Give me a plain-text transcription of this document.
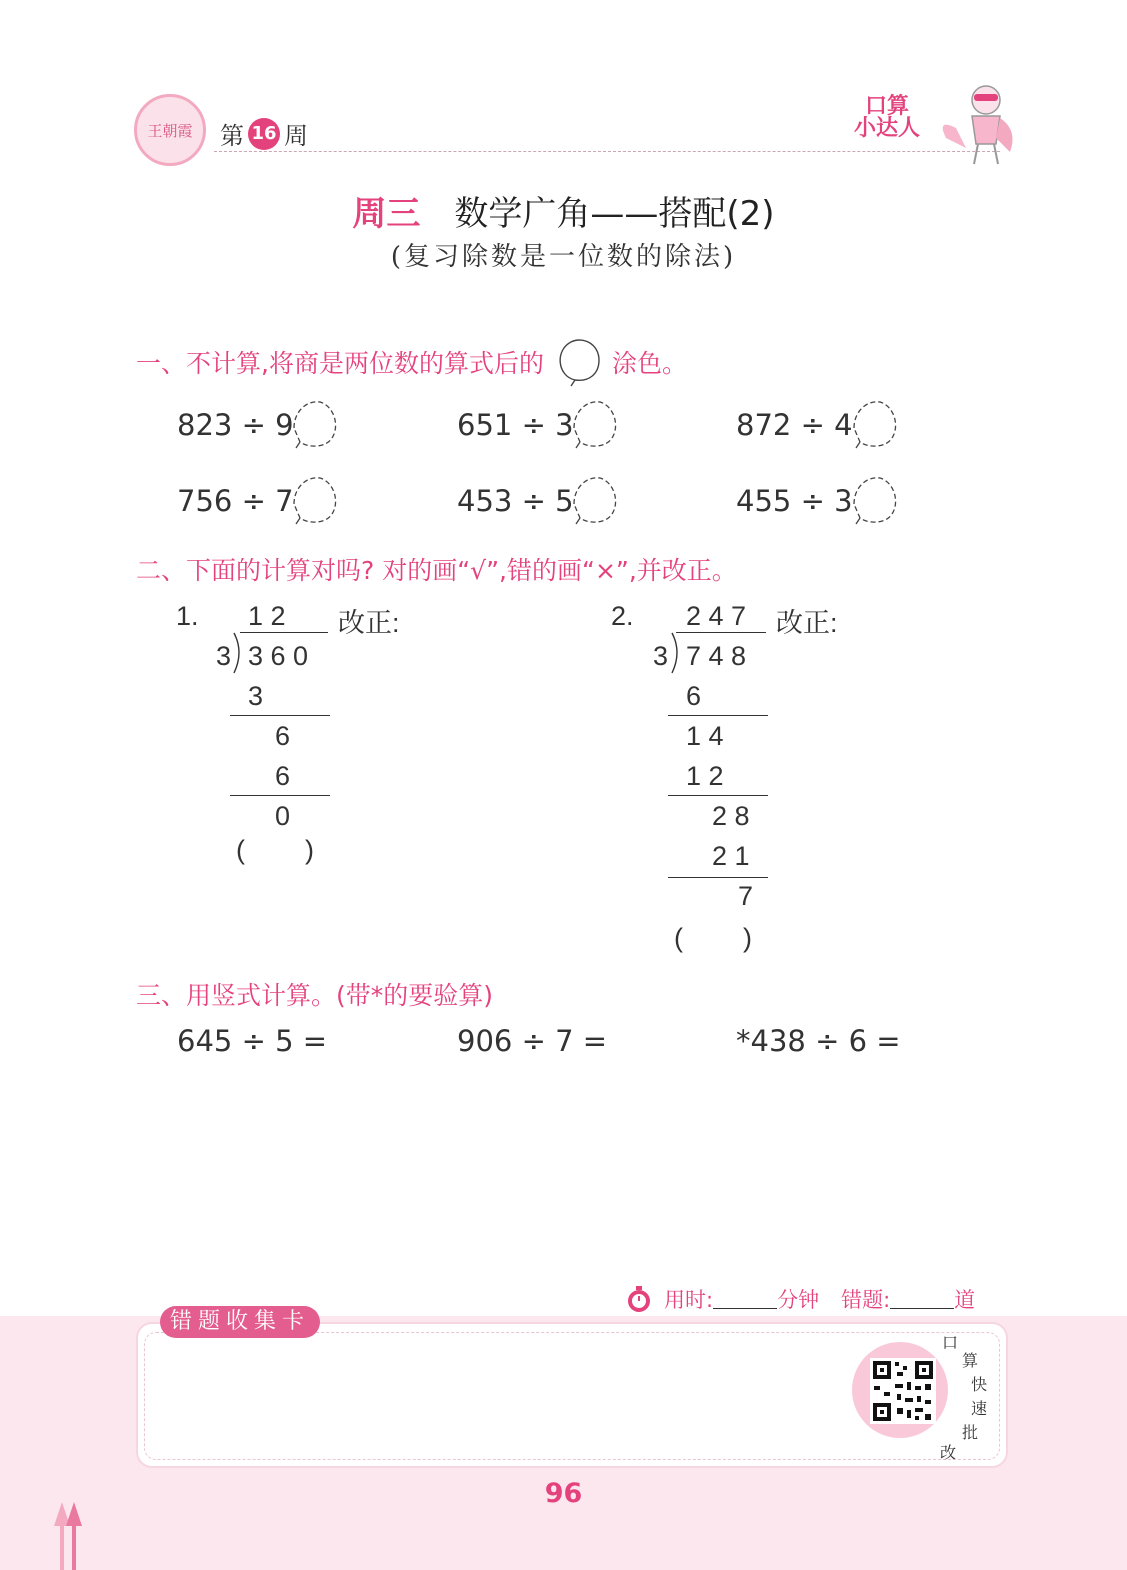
王朝霞 第 16 周
口算
小达人
周三 数学广角——搭配(2)
(复习除数是一位数的除法)
一、不计算,将商是两位数的算式后的	涂色。
823 ÷ 9	651 ÷ 3	872 ÷ 4
756 ÷ 7	453 ÷ 5	455 ÷ 3
二、下面的计算对吗? 对的画“√”,错的画“×”,并改正。
1. 1 2 改正:
3 3 6 0
3
6
6
0
(        )
2. 2 4 7 改正:
3 7 4 8
6
1 4
1 2
2 8
2 1
7
(        )
三、用竖式计算。(带*的要验算)
645 ÷ 5 =	906 ÷ 7 =	*438 ÷ 6 =
用时:	分钟 错题:	道
错题收集卡
口
算
快
速
批
改
96
